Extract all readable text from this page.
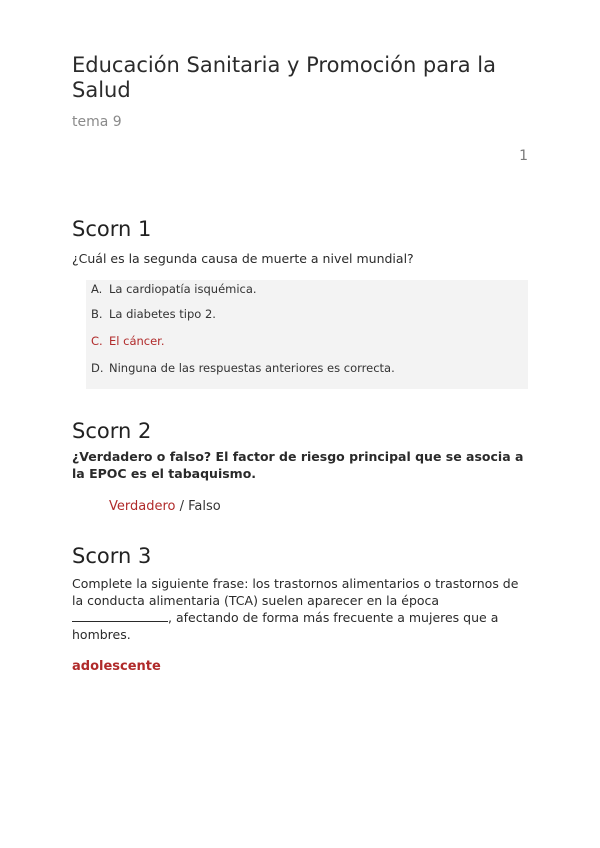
Educación Sanitaria y Promoción para la Salud
tema 9
1
Scorn 1

¿Cuál es la segunda causa de muerte a nivel mundial?

A. La cardiopatía isquémica.
B. La diabetes tipo 2.
C. El cáncer.
D. Ninguna de las respuestas anteriores es correcta.
Scorn 2

¿Verdadero o falso? El factor de riesgo principal que se asocia a la EPOC es el tabaquismo.

Verdadero / Falso
Scorn 3

Complete la siguiente frase: los trastornos alimentarios o trastornos de la conducta alimentaria (TCA) suelen aparecer en la época , afectando de forma más frecuente a mujeres que a hombres.

adolescente
